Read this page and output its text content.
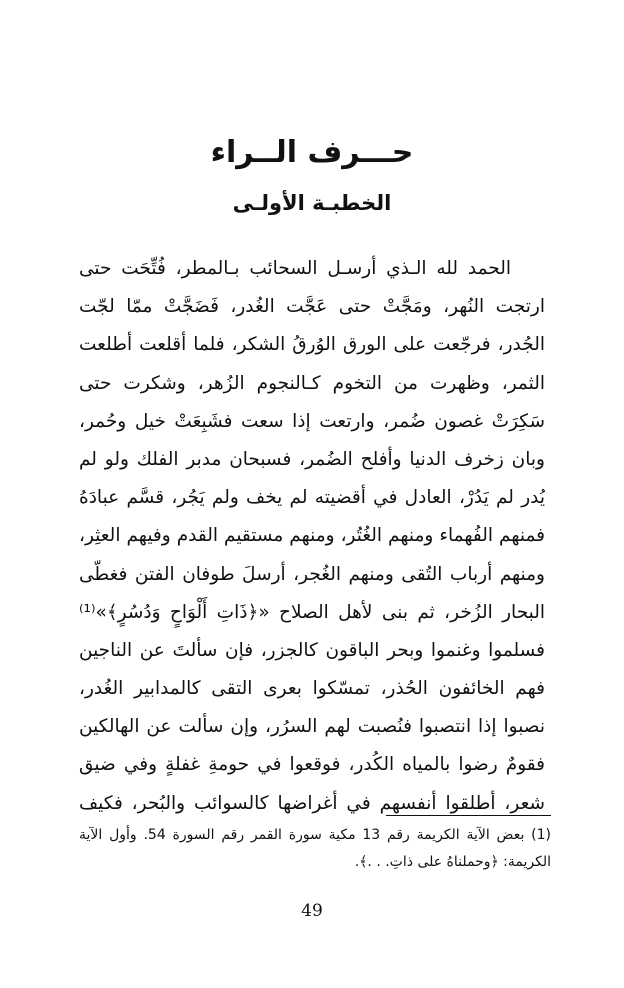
حـــرف الــراء
الخطبـة الأولـى
الحمد لله الـذي أرسـل السحائب بـالمطر، فُتِّحَت حتى
ارتجت النُهر، ومَجَّتْ حتى عَجَّت الغُدر، فَضَجَّتْ ممّا لجّت
الجُدر، فرجّعت على الورق الوُرقُ الشكر، فلما أقلعت أطلعت
الثمر، وظهرت من التخوم كـالنجوم الزُهر، وشكرت حتى
سَكِرَتْ غصون ضُمر، وارتعت إذا سعت فشَبِعَتْ خيل وحُمر،
وبان زخرف الدنيا وأفلح الضُمر، فسبحان مدبر الفلك ولو لم
يُدر لم يَدُرْ، العادل في أقضيته لم يخف ولم يَجُر، قسَّم عبادَهُ
فمنهم الفُهماء ومنهم الغُتُر، ومنهم مستقيم القدم وفيهم العثِر،
ومنهم أرباب التُقى ومنهم الغُجر، أرسلَ طوفان الفتن فغطّى
البحار الزُخر، ثم بنى لأهل الصلاح «﴿ذَاتِ أَلْوَاحٍ وَدُسُرٍ﴾»⁽¹⁾
فسلموا وغنموا وبحر الباقون كالجزر، فإن سألتَ عن الناجين
فهم الخائفون الحُذر، تمسّكوا بعرى التقى كالمدابير الغُدر،
نصبوا إذا انتصبوا فنُصبت لهم السرُر، وإن سألت عن الهالكين
فقومٌ رضوا بالمياه الكُدر، فوقعوا في حومةِ غفلةٍ وفي ضيق
شعر، أطلقوا أنفسهم في أغراضها كالسوائب والبُحر، فكيف
(1) بعض الآية الكريمة رقم 13 مكية سورة القمر رقم السورة 54. وأول الآية
الكريمة: ﴿وحملناهُ على ذاتِ. . .﴾.
49
